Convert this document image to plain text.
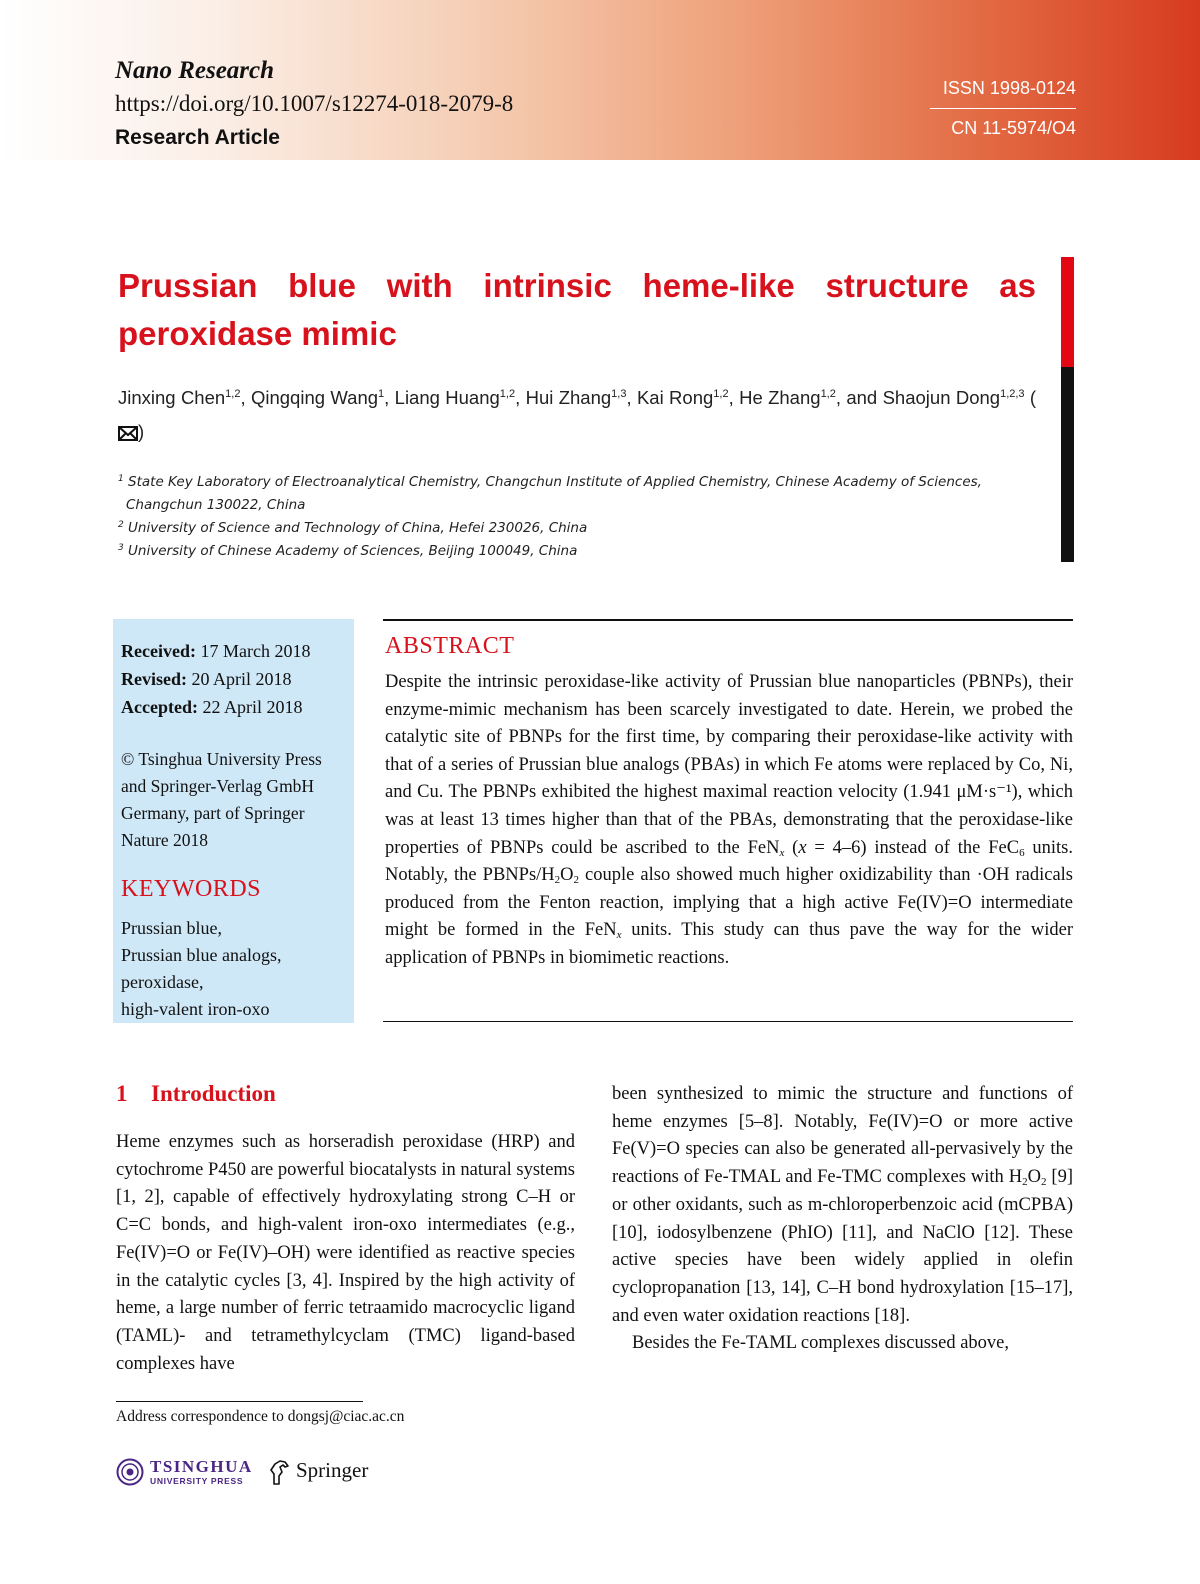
Nano Research
https://doi.org/10.1007/s12274-018-2079-8
Research Article
ISSN 1998-0124
CN 11-5974/O4
Prussian blue with intrinsic heme-like structure as peroxidase mimic
Jinxing Chen$^{1,2}$, Qingqing Wang$^1$, Liang Huang$^{1,2}$, Hui Zhang$^{1,3}$, Kai Rong$^{1,2}$, He Zhang$^{1,2}$, and Shaojun Dong$^{1,2,3}$ ()
$^1$ State Key Laboratory of Electroanalytical Chemistry, Changchun Institute of Applied Chemistry, Chinese Academy of Sciences,
Changchun 130022, China
$^2$ University of Science and Technology of China, Hefei 230026, China
$^3$ University of Chinese Academy of Sciences, Beijing 100049, China
Received: 17 March 2018
Revised: 20 April 2018
Accepted: 22 April 2018
© Tsinghua University Press and Springer-Verlag GmbH Germany, part of Springer Nature 2018
KEYWORDS
Prussian blue,
Prussian blue analogs,
peroxidase,
high-valent iron-oxo
ABSTRACT
Despite the intrinsic peroxidase-like activity of Prussian blue nanoparticles (PBNPs), their enzyme-mimic mechanism has been scarcely investigated to date. Herein, we probed the catalytic site of PBNPs for the first time, by comparing their peroxidase-like activity with that of a series of Prussian blue analogs (PBAs) in which Fe atoms were replaced by Co, Ni, and Cu. The PBNPs exhibited the highest maximal reaction velocity (1.941 μM·s⁻¹), which was at least 13 times higher than that of the PBAs, demonstrating that the peroxidase-like properties of PBNPs could be ascribed to the FeN$_x$ (x = 4–6) instead of the FeC$_6$ units. Notably, the PBNPs/$H_2O_2$ couple also showed much higher oxidizability than ·OH radicals produced from the Fenton reaction, implying that a high active Fe(IV)=O intermediate might be formed in the FeN$_x$ units. This study can thus pave the way for the wider application of PBNPs in biomimetic reactions.
1 Introduction
Heme enzymes such as horseradish peroxidase (HRP) and cytochrome P450 are powerful biocatalysts in natural systems [1, 2], capable of effectively hydroxylating strong C–H or C=C bonds, and high-valent iron-oxo intermediates (e.g., Fe(IV)=O or Fe(IV)–OH) were identified as reactive species in the catalytic cycles [3, 4]. Inspired by the high activity of heme, a large number of ferric tetraamido macrocyclic ligand (TAML)- and tetramethylcyclam (TMC) ligand-based complexes have

been synthesized to mimic the structure and functions of heme enzymes [5–8]. Notably, Fe(IV)=O or more active Fe(V)=O species can also be generated all-pervasively by the reactions of Fe-TMAL and Fe-TMC complexes with $H_2O_2$ [9] or other oxidants, such as m-chloroperbenzoic acid (mCPBA) [10], iodosylbenzene (PhIO) [11], and NaClO [12]. These active species have been widely applied in olefin cyclopropanation [13, 14], C–H bond hydroxylation [15–17], and even water oxidation reactions [18].

Besides the Fe-TAML complexes discussed above,

Address correspondence to dongsj@ciac.ac.cn
TSINGHUA
UNIVERSITY PRESS	Springer
